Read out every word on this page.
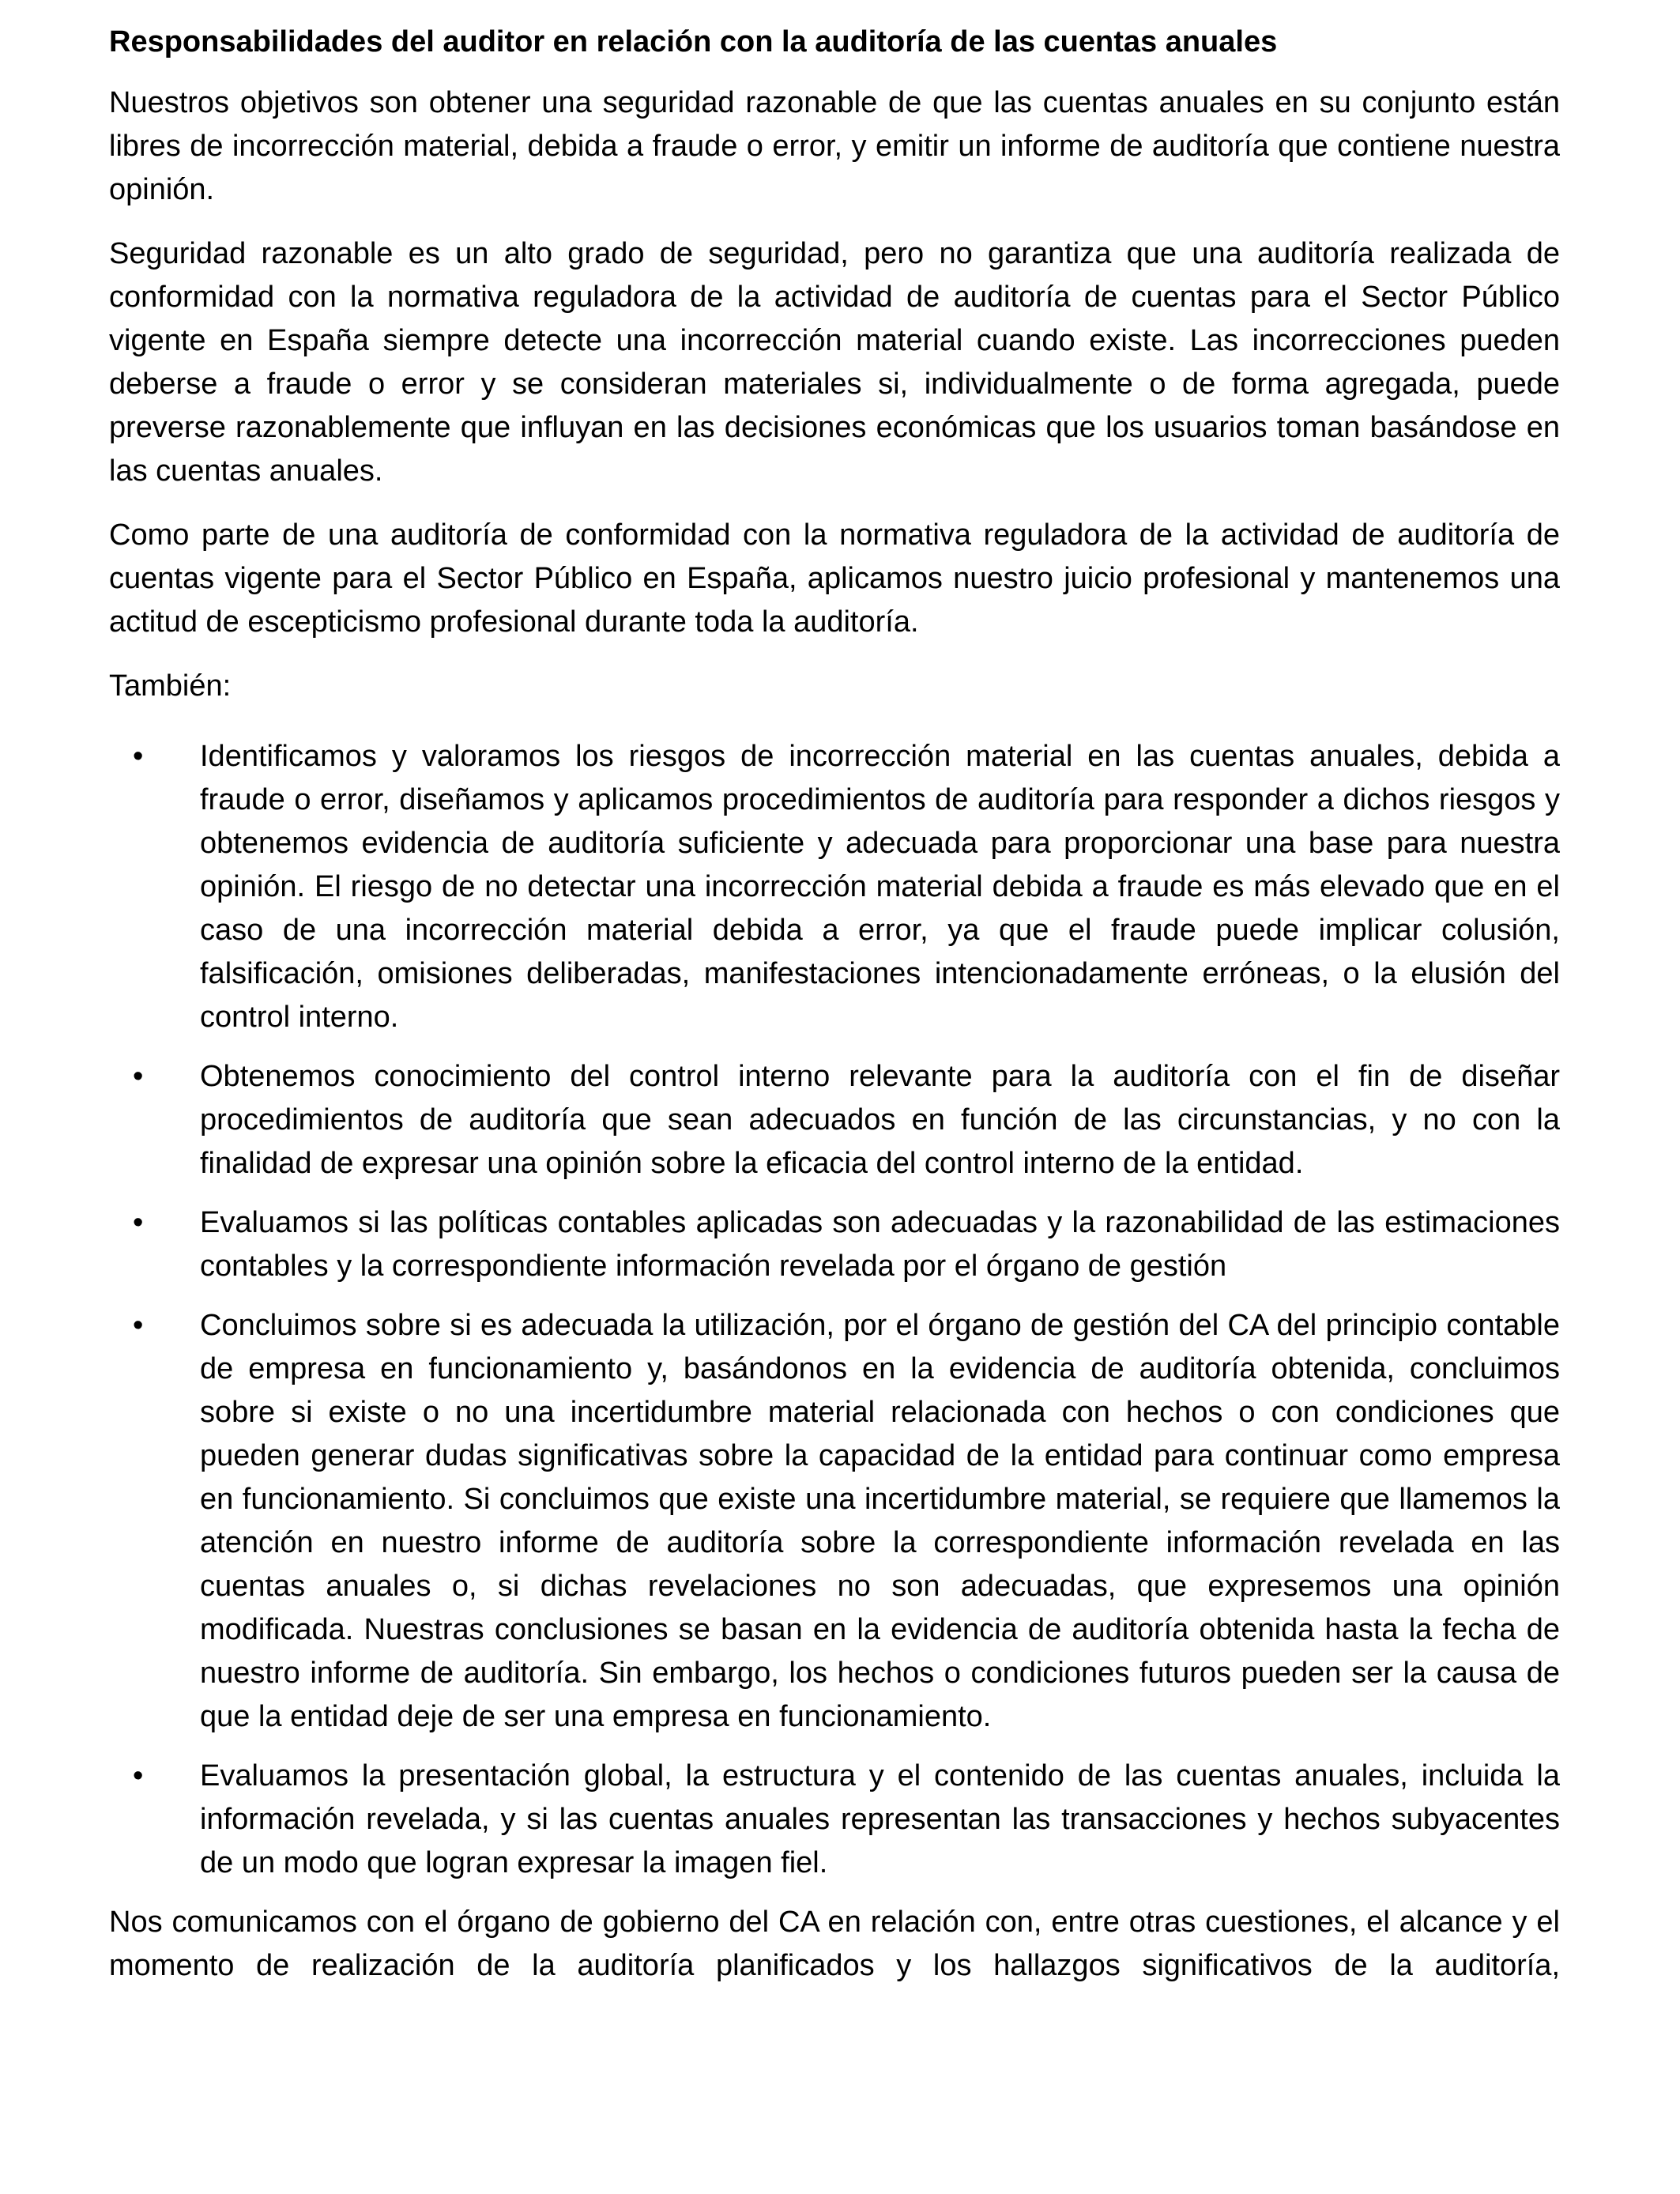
Responsabilidades del auditor en relación con la auditoría de las cuentas anuales

Nuestros objetivos son obtener una seguridad razonable de que las cuentas anuales en su conjunto están libres de incorrección material, debida a fraude o error, y emitir un informe de auditoría que contiene nuestra opinión.

Seguridad razonable es un alto grado de seguridad, pero no garantiza que una auditoría realizada de conformidad con la normativa reguladora de la actividad de auditoría de cuentas para el Sector Público vigente en España siempre detecte una incorrección material cuando existe. Las incorrecciones pueden deberse a fraude o error y se consideran materiales si, individualmente o de forma agregada, puede preverse razonablemente que influyan en las decisiones económicas que los usuarios toman basándose en las cuentas anuales.

Como parte de una auditoría de conformidad con la normativa reguladora de la actividad de auditoría de cuentas vigente para el Sector Público en España, aplicamos nuestro juicio profesional y mantenemos una actitud de escepticismo profesional durante toda la auditoría.

También:

• Identificamos y valoramos los riesgos de incorrección material en las cuentas anuales, debida a fraude o error, diseñamos y aplicamos procedimientos de auditoría para responder a dichos riesgos y obtenemos evidencia de auditoría suficiente y adecuada para proporcionar una base para nuestra opinión. El riesgo de no detectar una incorrección material debida a fraude es más elevado que en el caso de una incorrección material debida a error, ya que el fraude puede implicar colusión, falsificación, omisiones deliberadas, manifestaciones intencionadamente erróneas, o la elusión del control interno.
• Obtenemos conocimiento del control interno relevante para la auditoría con el fin de diseñar procedimientos de auditoría que sean adecuados en función de las circunstancias, y no con la finalidad de expresar una opinión sobre la eficacia del control interno de la entidad.
• Evaluamos si las políticas contables aplicadas son adecuadas y la razonabilidad de las estimaciones contables y la correspondiente información revelada por el órgano de gestión
• Concluimos sobre si es adecuada la utilización, por el órgano de gestión del CA del principio contable de empresa en funcionamiento y, basándonos en la evidencia de auditoría obtenida, concluimos sobre si existe o no una incertidumbre material relacionada con hechos o con condiciones que pueden generar dudas significativas sobre la capacidad de la entidad para continuar como empresa en funcionamiento. Si concluimos que existe una incertidumbre material, se requiere que llamemos la atención en nuestro informe de auditoría sobre la correspondiente información revelada en las cuentas anuales o, si dichas revelaciones no son adecuadas, que expresemos una opinión modificada. Nuestras conclusiones se basan en la evidencia de auditoría obtenida hasta la fecha de nuestro informe de auditoría. Sin embargo, los hechos o condiciones futuros pueden ser la causa de que la entidad deje de ser una empresa en funcionamiento.
• Evaluamos la presentación global, la estructura y el contenido de las cuentas anuales, incluida la información revelada, y si las cuentas anuales representan las transacciones y hechos subyacentes de un modo que logran expresar la imagen fiel.

Nos comunicamos con el órgano de gobierno del CA en relación con, entre otras cuestiones, el alcance y el momento de realización de la auditoría planificados y los hallazgos significativos de la auditoría,
